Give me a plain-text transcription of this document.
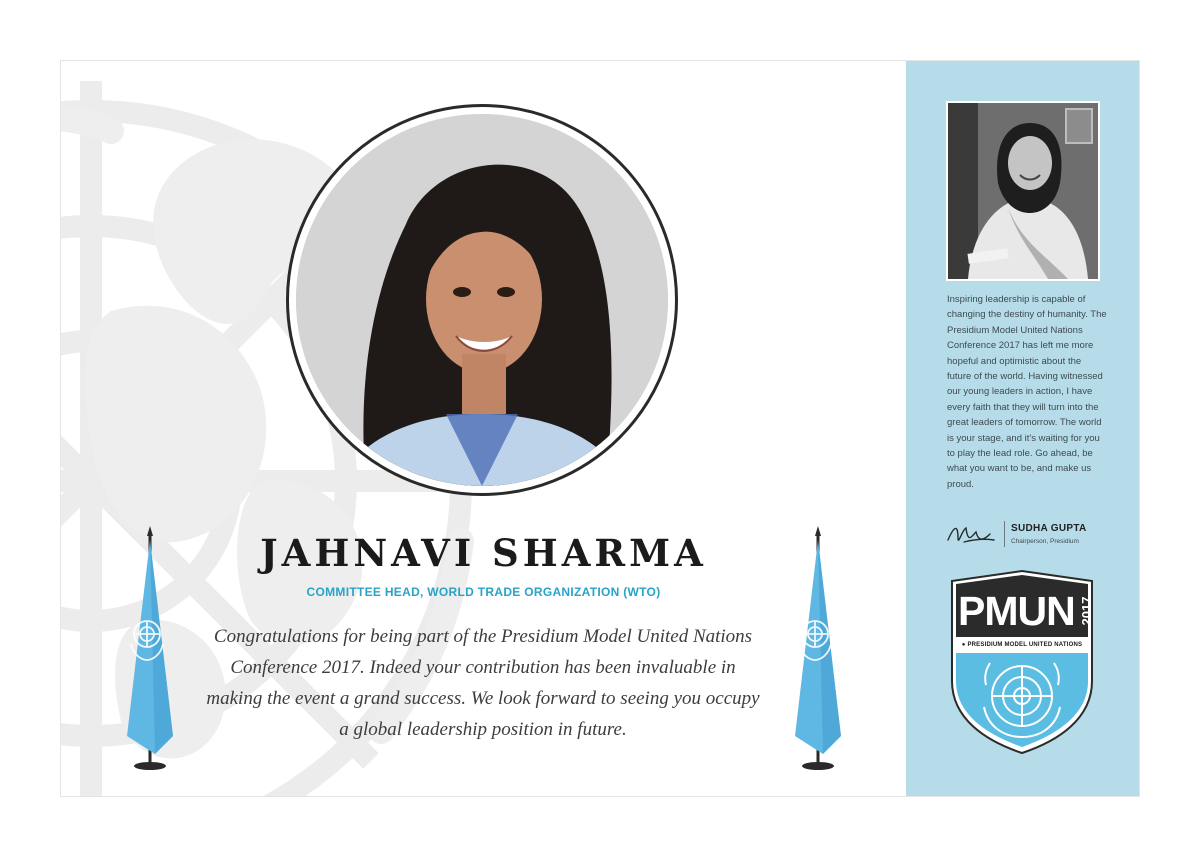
JAHNAVI SHARMA
COMMITTEE HEAD, WORLD TRADE ORGANIZATION (WTO)

Congratulations for being part of the Presidium Model United Nations Conference 2017. Indeed your contribution has been invaluable in making the event a grand success. We look forward to seeing you occupy a global leadership position in future.

Inspiring leadership is capable of changing the destiny of humanity. The Presidium Model United Nations Conference 2017 has left me more hopeful and optimistic about the future of the world. Having witnessed our young leaders in action, I have every faith that they will turn into the great leaders of tomorrow. The world is your stage, and it's waiting for you to play the lead role. Go ahead, be what you want to be, and make us proud.

SUDHA GUPTA
Chairperson, Presidium
PMUN 2017
● PRESIDIUM MODEL UNITED NATIONS
